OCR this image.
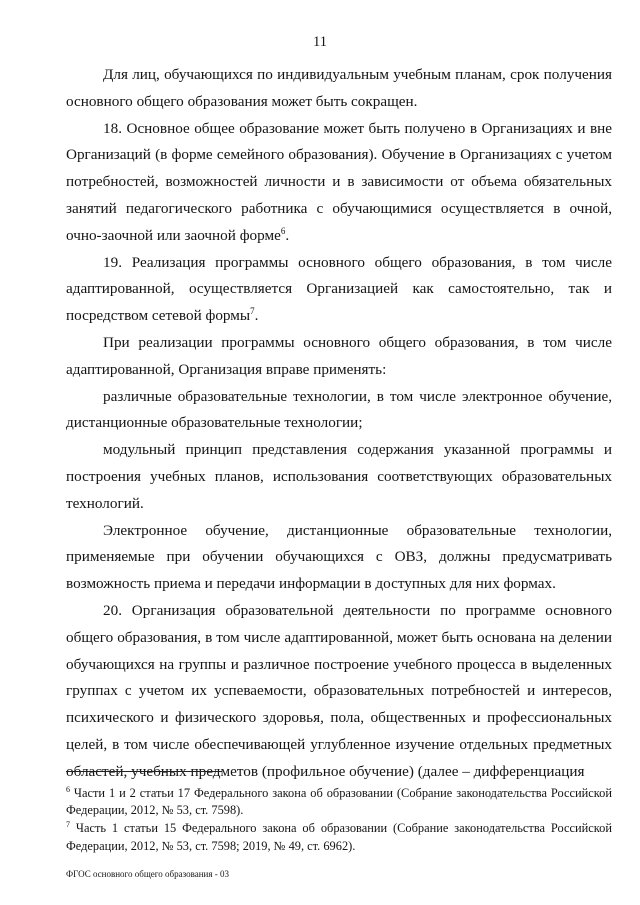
11

Для лиц, обучающихся по индивидуальным учебным планам, срок получения основного общего образования может быть сокращен.

18. Основное общее образование может быть получено в Организациях и вне Организаций (в форме семейного образования). Обучение в Организациях с учетом потребностей, возможностей личности и в зависимости от объема обязательных занятий педагогического работника с обучающимися осуществляется в очной, очно-заочной или заочной форме$^6$.

19. Реализация программы основного общего образования, в том числе адаптированной, осуществляется Организацией как самостоятельно, так и посредством сетевой формы$^7$.

При реализации программы основного общего образования, в том числе адаптированной, Организация вправе применять:

различные образовательные технологии, в том числе электронное обучение, дистанционные образовательные технологии;

модульный принцип представления содержания указанной программы и построения учебных планов, использования соответствующих образовательных технологий.

Электронное обучение, дистанционные образовательные технологии, применяемые при обучении обучающихся с ОВЗ, должны предусматривать возможность приема и передачи информации в доступных для них формах.

20. Организация образовательной деятельности по программе основного общего образования, в том числе адаптированной, может быть основана на делении обучающихся на группы и различное построение учебного процесса в выделенных группах с учетом их успеваемости, образовательных потребностей и интересов, психического и физического здоровья, пола, общественных и профессиональных целей, в том числе обеспечивающей углубленное изучение отдельных предметных областей, учебных предметов (профильное обучение) (далее – дифференциация

$^6$ Части 1 и 2 статьи 17 Федерального закона об образовании (Собрание законодательства Российской Федерации, 2012, № 53, ст. 7598).

$^7$ Часть 1 статьи 15 Федерального закона об образовании (Собрание законодательства Российской Федерации, 2012, № 53, ст. 7598; 2019, № 49, ст. 6962).

ФГОС основного общего образования - 03
